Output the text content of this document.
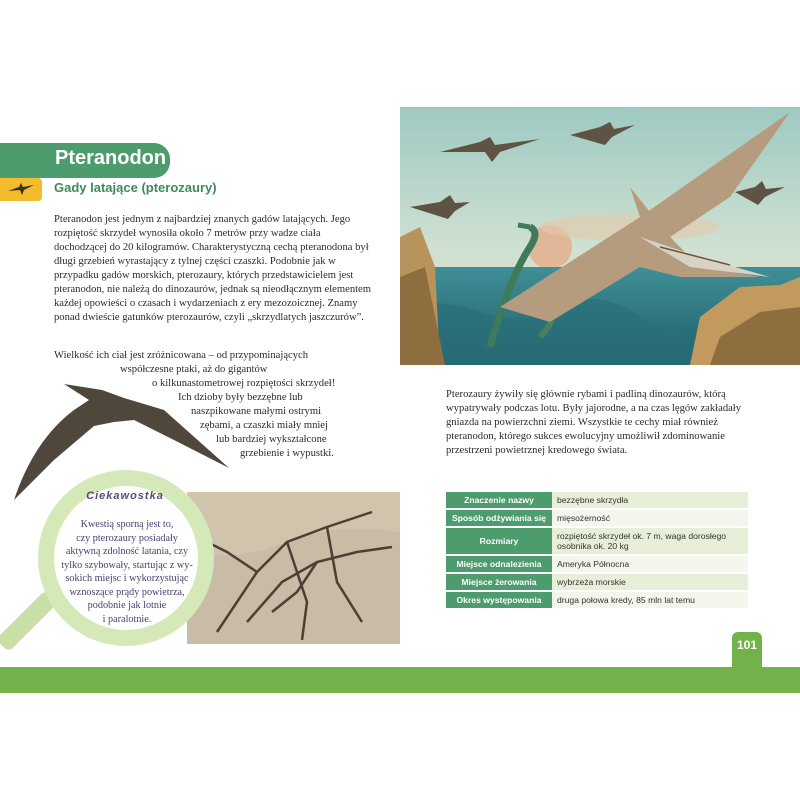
Pteranodon
Gady latające (pterozaury)
Pteranodon jest jednym z najbardziej znanych gadów latających. Jego rozpiętość skrzydeł wynosiła około 7 metrów przy wadze ciała dochodzącej do 20 kilogramów. Charakterystyczną cechą pteranodona był długi grzebień wyrastający z tylnej części czaszki. Podobnie jak w przypadku gadów morskich, pterozaury, których przedstawicielem jest pteranodon, nie należą do dinozaurów, jednak są nieodłącznym elementem każdej opowieści o czasach i wydarzeniach z ery mezozoicznej. Znamy ponad dwieście gatunków pterozaurów, czyli „skrzydlatych jaszczurów”.
Wielkość ich ciał jest zróżnicowana – od przypominających
współczesne ptaki, aż do gigantów
o kilkunastometrowej rozpiętości skrzydeł!
Ich dzioby były bezzębne lub
naszpikowane małymi ostrymi
zębami, a czaszki miały mniej
lub bardziej wykształcone
grzebienie i wypustki.
Pterozaury żywiły się głównie rybami i padliną dinozaurów, którą wypatrywały podczas lotu. Były jajorodne, a na czas lęgów zakładały gniazda na powierzchni ziemi. Wszystkie te cechy miał również pteranodon, którego sukces ewolucyjny umożliwił zdominowanie przestrzeni powietrznej kredowego świata.
Ciekawostka
Kwestią sporną jest to,
czy pterozaury posiadały
aktywną zdolność latania, czy
tylko szybowały, startując z wy-
sokich miejsc i wykorzystując
wznoszące prądy powietrza,
podobnie jak lotnie
i paralotnie.
Znaczenie nazwy	bezzębne skrzydła
Sposób odżywiania się	mięsożerność
Rozmiary	rozpiętość skrzydeł ok. 7 m, waga dorosłego osobnika ok. 20 kg
Miejsce odnalezienia	Ameryka Północna
Miejsce żerowania	wybrzeża morskie
Okres występowania	druga połowa kredy, 85 mln lat temu
101
